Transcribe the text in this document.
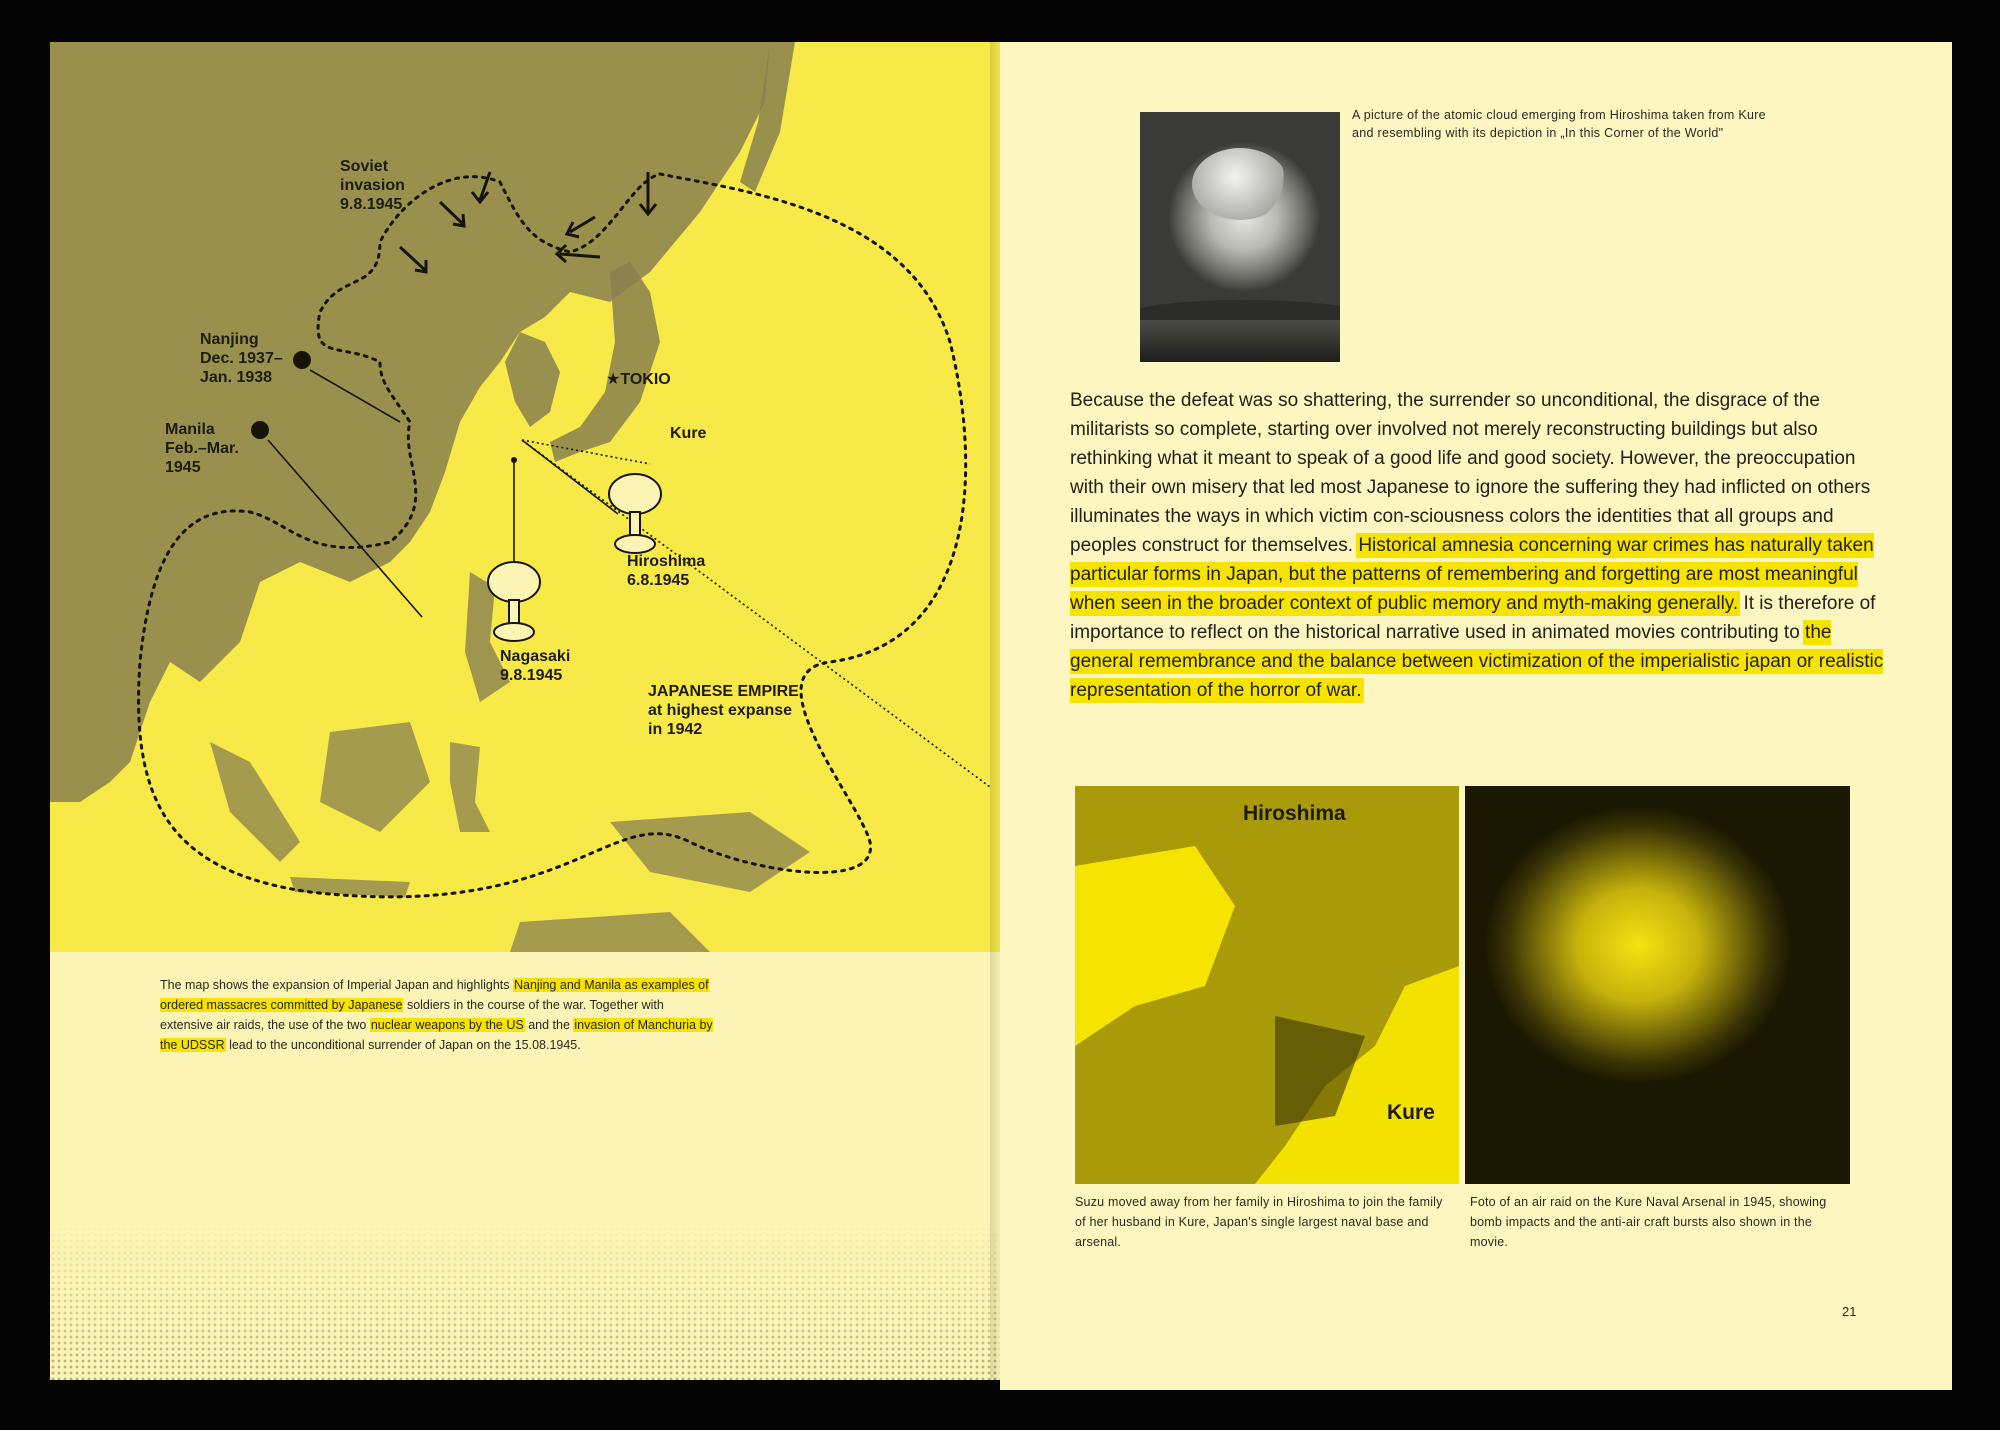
Soviet
invasion
9.8.1945
Nanjing
Dec. 1937–
Jan. 1938
Manila
Feb.–Mar.
1945
★TOKIO
Kure
Hiroshima
6.8.1945
Nagasaki
9.8.1945
JAPANESE EMPIRE
at highest expanse
in 1942

The map shows the expansion of Imperial Japan and highlights Nanjing and Manila as examples of ordered massacres committed by Japanese soldiers in the course of the war. Together with extensive air raids, the use of the two nuclear weapons by the US and the invasion of Manchuria by the UDSSR lead to the unconditional surrender of Japan on the 15.08.1945.

A picture of the atomic cloud emerging from Hiroshima taken from Kure and resembling with its depiction in „In this Corner of the World"

Because the defeat was so shattering, the surrender so unconditional, the disgrace of the militarists so complete, starting over involved not merely reconstructing buildings but also rethinking what it meant to speak of a good life and good society. However, the preoccupation with their own misery that led most Japanese to ignore the suffering they had inflicted on others illuminates the ways in which victim con-sciousness colors the identities that all groups and peoples construct for themselves. Historical amnesia concerning war crimes has naturally taken particular forms in Japan, but the patterns of remembering and forgetting are most meaningful when seen in the broader context of public memory and myth-making generally. It is therefore of importance to reflect on the historical narrative used in animated movies contributing to the general remembrance and the balance between victimization of the imperialistic japan or realistic representation of the horror of war.

Hiroshima
Kure
Suzu moved away from her family in Hiroshima to join the family of her husband in Kure, Japan's single largest naval base and arsenal.
Foto of an air raid on the Kure Naval Arsenal in 1945, showing bomb impacts and the anti-air craft bursts also shown in the movie.
21
